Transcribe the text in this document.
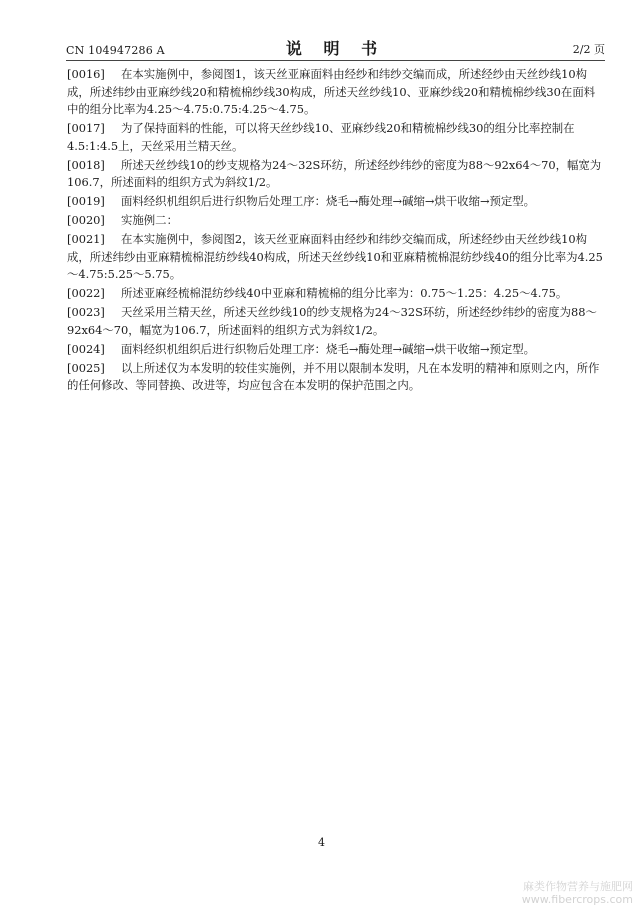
CN 104947286 A	说 明 书	2/2 页
[0016] 在本实施例中，参阅图1，该天丝亚麻面料由经纱和纬纱交编而成，所述经纱由天丝纱线10构成，所述纬纱由亚麻纱线20和精梳棉纱线30构成，所述天丝纱线10、亚麻纱线20和精梳棉纱线30在面料中的组分比率为4.25～4.75:0.75:4.25～4.75。
[0017] 为了保持面料的性能，可以将天丝纱线10、亚麻纱线20和精梳棉纱线30的组分比率控制在4.5:1:4.5上，天丝采用兰精天丝。
[0018] 所述天丝纱线10的纱支规格为24～32S环纺，所述经纱纬纱的密度为88～92x64～70，幅宽为106.7，所述面料的组织方式为斜纹1/2。
[0019] 面料经织机组织后进行织物后处理工序：烧毛→酶处理→碱缩→烘干收缩→预定型。
[0020] 实施例二：
[0021] 在本实施例中，参阅图2，该天丝亚麻面料由经纱和纬纱交编而成，所述经纱由天丝纱线10构成，所述纬纱由亚麻精梳棉混纺纱线40构成，所述天丝纱线10和亚麻精梳棉混纺纱线40的组分比率为4.25～4.75:5.25～5.75。
[0022] 所述亚麻经梳棉混纺纱线40中亚麻和精梳棉的组分比率为：0.75～1.25：4.25～4.75。
[0023] 天丝采用兰精天丝，所述天丝纱线10的纱支规格为24～32S环纺，所述经纱纬纱的密度为88～92x64～70，幅宽为106.7，所述面料的组织方式为斜纹1/2。
[0024] 面料经织机组织后进行织物后处理工序：烧毛→酶处理→碱缩→烘干收缩→预定型。
[0025] 以上所述仅为本发明的较佳实施例，并不用以限制本发明，凡在本发明的精神和原则之内，所作的任何修改、等同替换、改进等，均应包含在本发明的保护范围之内。
4
麻类作物营养与施肥网
www.fibercrops.com
